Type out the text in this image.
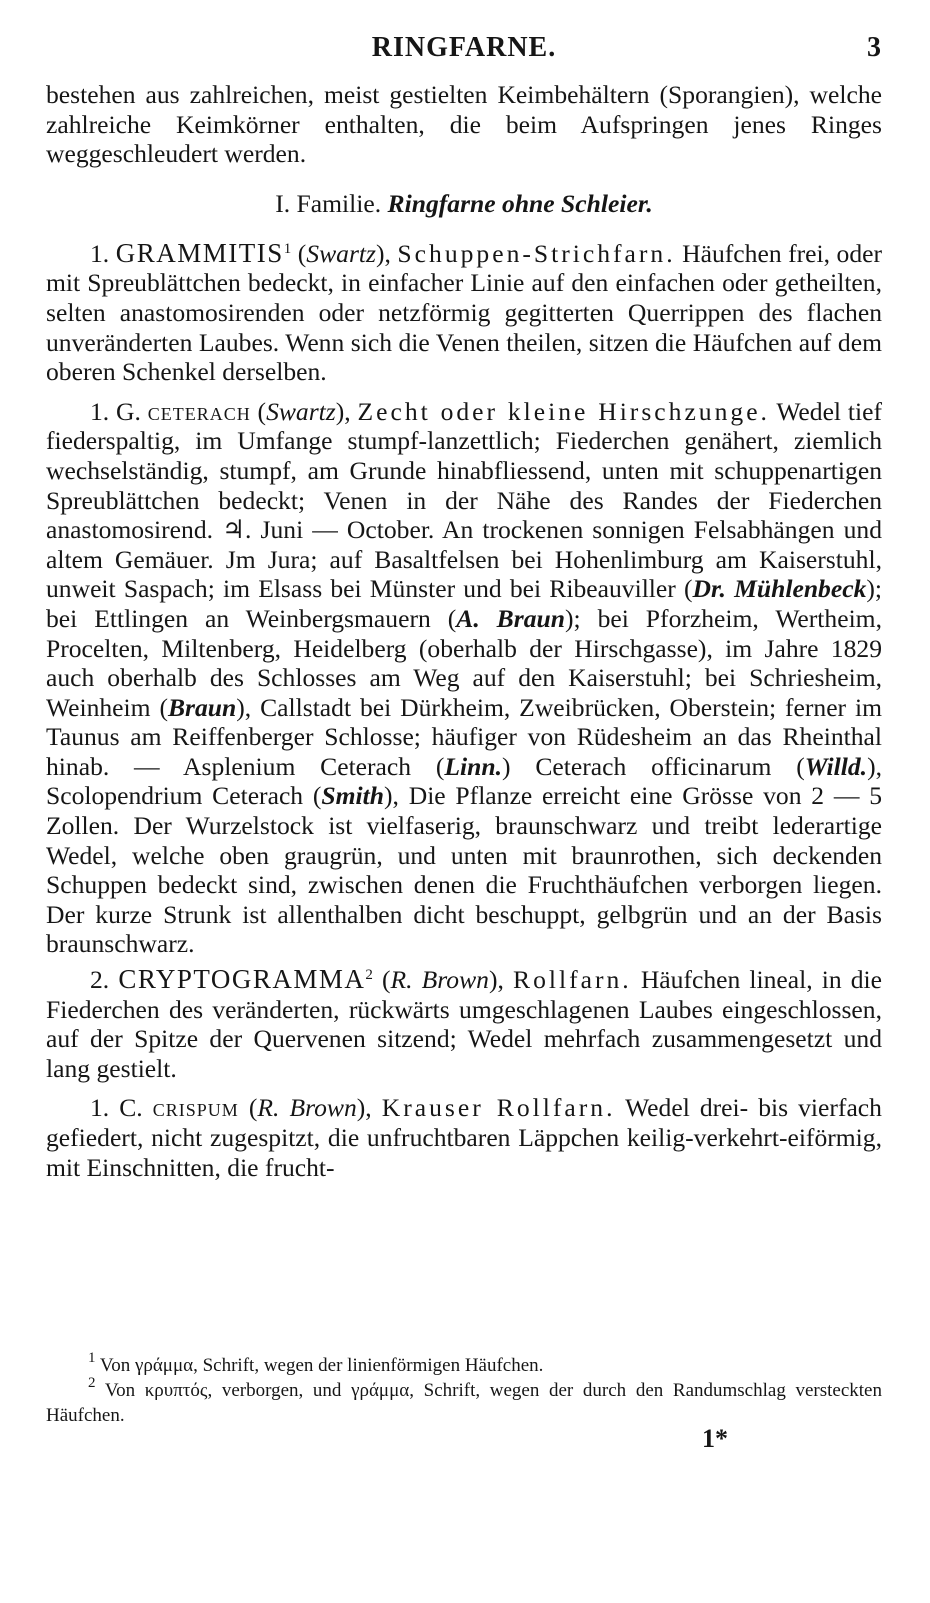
RINGFARNE.	3

bestehen aus zahlreichen, meist gestielten Keimbehältern (Sporangien), welche zahlreiche Keimkörner enthalten, die beim Aufspringen jenes Ringes weggeschleudert werden.

I. Familie. Ringfarne ohne Schleier.

1. GRAMMITIS$^1$ (Swartz), Schuppen-Strichfarn. Häufchen frei, oder mit Spreublättchen bedeckt, in einfacher Linie auf den einfachen oder getheilten, selten anastomosirenden oder netzförmig gegitterten Querrippen des flachen unveränderten Laubes. Wenn sich die Venen theilen, sitzen die Häufchen auf dem oberen Schenkel derselben.

1. G. ceterach (Swartz), Zecht oder kleine Hirschzunge. Wedel tief fiederspaltig, im Umfange stumpf-lanzettlich; Fiederchen genähert, ziemlich wechselständig, stumpf, am Grunde hinabfliessend, unten mit schuppenartigen Spreublättchen bedeckt; Venen in der Nähe des Randes der Fiederchen anastomosirend. ♃. Juni — October. An trockenen sonnigen Felsabhängen und altem Gemäuer. Jm Jura; auf Basaltfelsen bei Hohenlimburg am Kaiserstuhl, unweit Saspach; im Elsass bei Münster und bei Ribeauviller (Dr. Mühlenbeck); bei Ettlingen an Weinbergsmauern (A. Braun); bei Pforzheim, Wertheim, Procelten, Miltenberg, Heidelberg (oberhalb der Hirschgasse), im Jahre 1829 auch oberhalb des Schlosses am Weg auf den Kaiserstuhl; bei Schriesheim, Weinheim (Braun), Callstadt bei Dürkheim, Zweibrücken, Oberstein; ferner im Taunus am Reiffenberger Schlosse; häufiger von Rüdesheim an das Rheinthal hinab. — Asplenium Ceterach (Linn.) Ceterach officinarum (Willd.), Scolopendrium Ceterach (Smith), Die Pflanze erreicht eine Grösse von 2 — 5 Zollen. Der Wurzelstock ist vielfaserig, braunschwarz und treibt lederartige Wedel, welche oben graugrün, und unten mit braunrothen, sich deckenden Schuppen bedeckt sind, zwischen denen die Fruchthäufchen verborgen liegen. Der kurze Strunk ist allenthalben dicht beschuppt, gelbgrün und an der Basis braunschwarz.

2. CRYPTOGRAMMA$^2$ (R. Brown), Rollfarn. Häufchen lineal, in die Fiederchen des veränderten, rückwärts umgeschlagenen Laubes eingeschlossen, auf der Spitze der Quervenen sitzend; Wedel mehrfach zusammengesetzt und lang gestielt.

1. C. crispum (R. Brown), Krauser Rollfarn. Wedel drei- bis vierfach gefiedert, nicht zugespitzt, die unfruchtbaren Läppchen keilig-verkehrt-eiförmig, mit Einschnitten, die frucht-

$^1$ Von γράμμα, Schrift, wegen der linienförmigen Häufchen.

$^2$ Von κρυπτός, verborgen, und γράμμα, Schrift, wegen der durch den Randumschlag versteckten Häufchen.

1*
